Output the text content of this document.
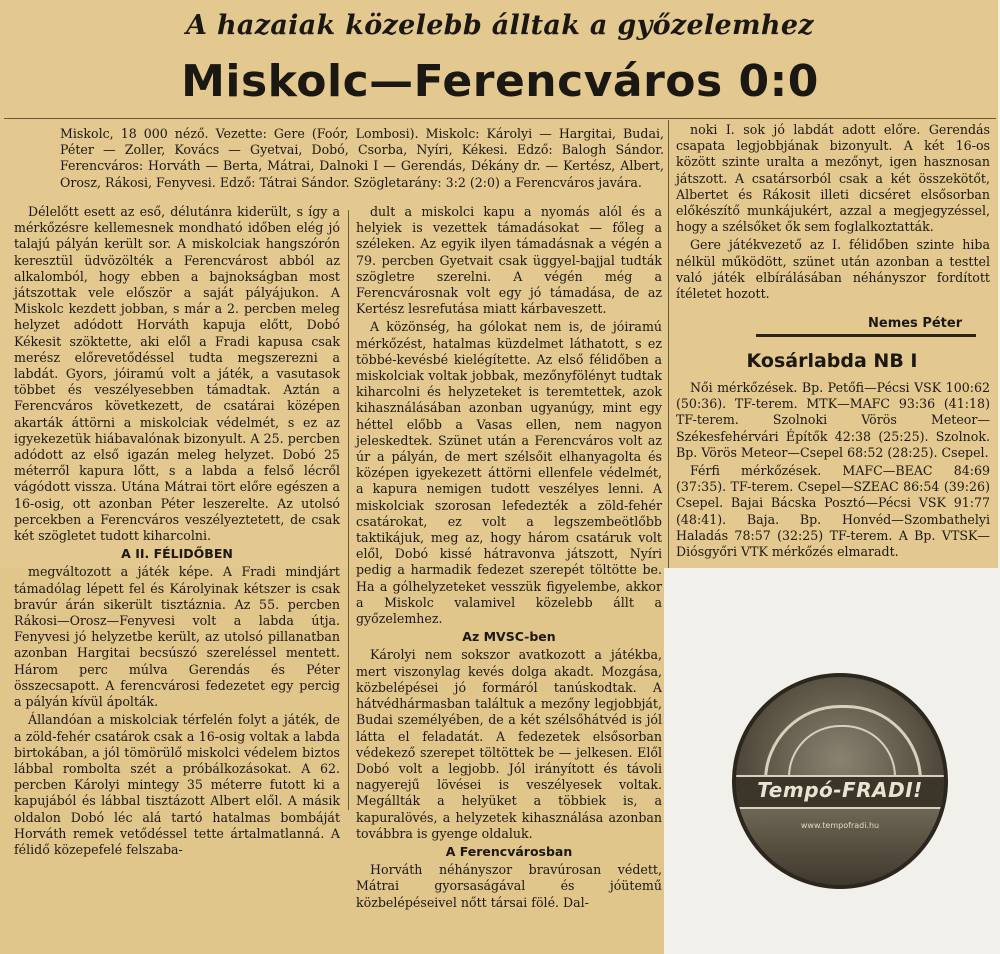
A hazaiak közelebb álltak a győzelemhez
Miskolc—Ferencváros 0:0
Miskolc, 18 000 néző. Vezette: Gere (Foór, Lombosi). Miskolc: Károlyi — Hargitai, Budai, Péter — Zoller, Kovács — Gyetvai, Dobó, Csorba, Nyíri, Kékesi. Edző: Balogh Sándor. Ferencváros: Horváth — Berta, Mátrai, Dalnoki I — Gerendás, Dékány dr. — Kertész, Albert, Orosz, Rákosi, Fenyvesi. Edző: Tátrai Sándor. Szögletarány: 3:2 (2:0) a Ferencváros javára.

Délelőtt esett az eső, délutánra kiderült, s így a mérkőzésre kellemesnek mondható időben elég jó talajú pályán került sor. A miskolciak hangszórón keresztül üdvözölték a Ferencvárost abból az alkalomból, hogy ebben a bajnokságban most játszottak vele először a saját pályájukon. A Miskolc kezdett jobban, s már a 2. percben meleg helyzet adódott Horváth kapuja előtt, Dobó Kékesit szöktette, aki elől a Fradi kapusa csak merész előrevetődéssel tudta megszerezni a labdát. Gyors, jóiramú volt a játék, a vasutasok többet és veszélyesebben támadtak. Aztán a Ferencváros következett, de csatárai középen akarták áttörni a miskolciak védelmét, s ez az igyekezetük hiábavalónak bizonyult. A 25. percben adódott az első igazán meleg helyzet. Dobó 25 méterről kapura lőtt, s a labda a felső lécről vágódott vissza. Utána Mátrai tört előre egészen a 16-osig, ott azonban Péter leszerelte. Az utolsó percekben a Ferencváros veszélyeztetett, de csak két szögletet tudott kiharcolni.

A II. FÉLIDŐBEN

megváltozott a játék képe. A Fradi mindjárt támadólag lépett fel és Károlyinak kétszer is csak bravúr árán sikerült tisztáznia. Az 55. percben Rákosi—Orosz—Fenyvesi volt a labda útja. Fenyvesi jó helyzetbe került, az utolsó pillanatban azonban Hargitai becsúszó szereléssel mentett. Három perc múlva Gerendás és Péter összecsapott. A ferencvárosi fedezetet egy percig a pályán kívül ápolták.

Állandóan a miskolciak térfelén folyt a játék, de a zöld-fehér csatárok csak a 16-osig voltak a labda birtokában, a jól tömörülő miskolci védelem biztos lábbal rombolta szét a próbálkozásokat. A 62. percben Károlyi mintegy 35 méterre futott ki a kapujából és lábbal tisztázott Albert elől. A másik oldalon Dobó léc alá tartó hatalmas bombáját Horváth remek vetődéssel tette ártalmatlanná. A félidő közepefelé felszaba-

dult a miskolci kapu a nyomás alól és a helyiek is vezettek támadásokat — főleg a széleken. Az egyik ilyen támadásnak a végén a 79. percben Gyetvait csak üggyel-bajjal tudták szögletre szerelni. A végén még a Ferencvárosnak volt egy jó támadása, de az Kertész lesrefutása miatt kárbaveszett.

A közönség, ha gólokat nem is, de jóiramú mérkőzést, hatalmas küzdelmet láthatott, s ez többé-kevésbé kielégítette. Az első félidőben a miskolciak voltak jobbak, mezőnyfölényt tudtak kiharcolni és helyzeteket is teremtettek, azok kihasználásában azonban ugyanúgy, mint egy héttel előbb a Vasas ellen, nem nagyon jeleskedtek. Szünet után a Ferencváros volt az úr a pályán, de mert szélsőit elhanyagolta és középen igyekezett áttörni ellenfele védelmét, a kapura nemigen tudott veszélyes lenni. A miskolciak szorosan lefedezték a zöld-fehér csatárokat, ez volt a legszembeötlőbb taktikájuk, meg az, hogy három csatáruk volt elől, Dobó kissé hátravonva játszott, Nyíri pedig a harmadik fedezet szerepét töltötte be. Ha a gólhelyzeteket vesszük figyelembe, akkor a Miskolc valamivel közelebb állt a győzelemhez.

Az MVSC-ben

Károlyi nem sokszor avatkozott a játékba, mert viszonylag kevés dolga akadt. Mozgása, közbelépései jó formáról tanúskodtak. A hátvédhármasban találtuk a mezőny legjobbját, Budai személyében, de a két szélsőhátvéd is jól látta el feladatát. A fedezetek elsősorban védekező szerepet töltöttek be — jelkesen. Elől Dobó volt a legjobb. Jól irányított és távoli nagyerejű lövései is veszélyesek voltak. Megállták a helyüket a többiek is, a kapuralövés, a helyzetek kihasználása azonban továbbra is gyenge oldaluk.

A Ferencvárosban

Horváth néhányszor bravúrosan védett, Mátrai gyorsaságával és jóütemű közbelépéseivel nőtt társai fölé. Dal-

noki I. sok jó labdát adott előre. Gerendás csapata legjobbjának bizonyult. A két 16-os között szinte uralta a mezőnyt, igen hasznosan játszott. A csatársorból csak a két összekötőt, Albertet és Rákosit illeti dicséret elsősorban előkészítő munkájukért, azzal a megjegyzéssel, hogy a szélsőket ők sem foglalkoztatták.

Gere játékvezető az I. félidőben szinte hiba nélkül működött, szünet után azonban a testtel való játék elbírálásában néhányszor fordított ítéletet hozott.

Nemes Péter
Kosárlabda NB I

Női mérkőzések. Bp. Petőfi—Pécsi VSK 100:62 (50:36). TF-terem. MTK—MAFC 93:36 (41:18) TF-terem. Szolnoki Vörös Meteor—Székesfehérvári Építők 42:38 (25:25). Szolnok. Bp. Vörös Meteor—Csepel 68:52 (28:25). Csepel.

Férfi mérkőzések. MAFC—BEAC 84:69 (37:35). TF-terem. Csepel—SZEAC 86:54 (39:26) Csepel. Bajai Bácska Posztó—Pécsi VSK 91:77 (48:41). Baja. Bp. Honvéd—Szombathelyi Haladás 78:57 (32:25) TF-terem. A Bp. VTSK—Diósgyőri VTK mérkőzés elmaradt.

Tempó-FRADI!
www.tempofradi.hu
